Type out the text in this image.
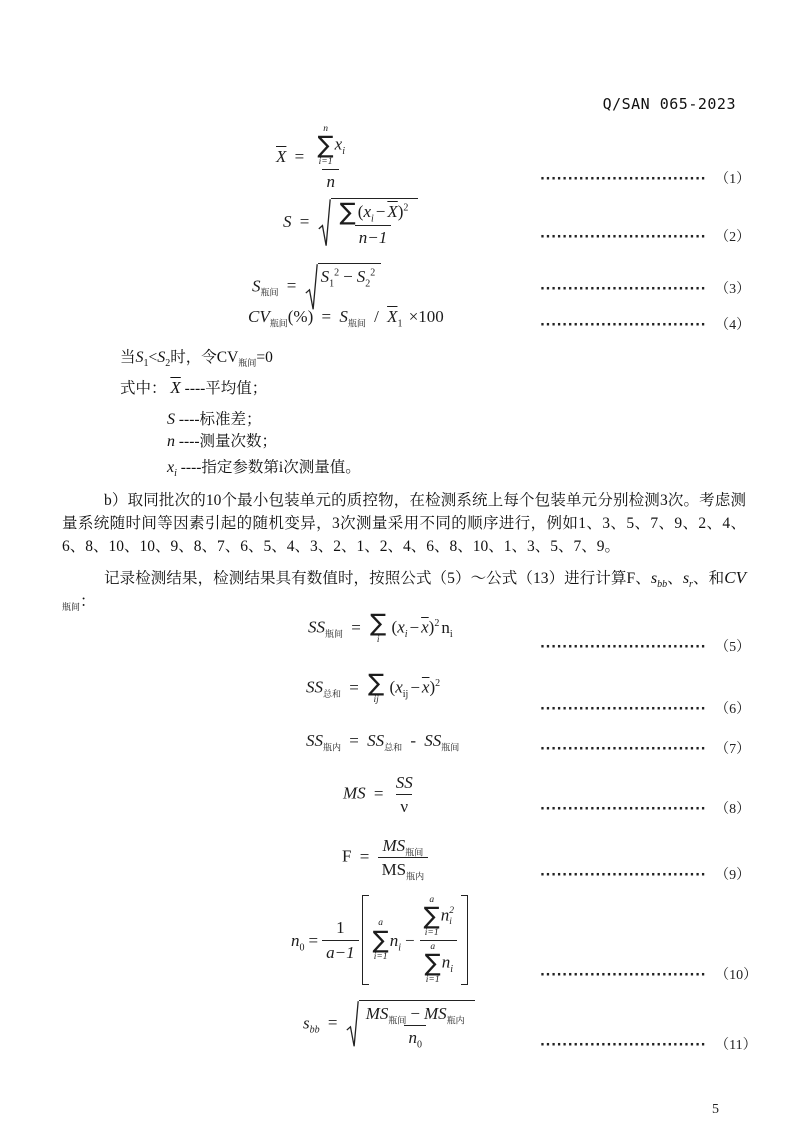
Q/SAN 065-2023
$\overline{X} = n$
∑
i=1
$x_i$
n	······························ （1）
$S = \frac{\sum (x_i - \overline{X})^2}{n-1}$	······························ （2）
$S_{瓶间} = S_1^2 - S_2^2$
······························ （3）
$CV_{瓶间}(\%) = S_{瓶间} / \overline{X}_1 \times 100$	······························ （4）
当$S_1<S_2$时，令$CV_{瓶间}=0$
式中： $\overline{X}$ ----平均值；
S ----标准差；
n ----测量次数；
$x_i$ ----指定参数第i次测量值。
b）取同批次的10个最小包装单元的质控物，在检测系统上每个包装单元分别检测3次。考虑测量系统随时间等因素引起的随机变异，3次测量采用不同的顺序进行，例如1、3、5、7、9、2、4、6、8、10、10、9、8、7、6、5、4、3、2、1、2、4、6、8、10、1、3、5、7、9。
记录检测结果，检测结果具有数值时，按照公式（5）～公式（13）进行计算F、$s_{bb}$、$s_r$、和$CV_{瓶间}$：
$SS_{瓶间}$ = ∑
i
$(x_i - \overline{x})^2$ $n_i$
······························ （5）
$SS_{总和}$ = ∑
ij
$(x_{ij} - \overline{x})^2$
······························ （6）
$SS_{瓶内} = SS_{总和} - SS_{瓶间}$	······························ （7）
MS = $\frac{SS}{\nu}$	······························ （8）
$F = \frac{MS_{瓶间}}{MS_{瓶内}}$	······························ （9）
$n_0 = \frac{1}{a-1}$ a
∑
i=1
$n_i - a$
∑
i=1
n 2
i
a
∑
i=1
$n_i$	······························ （10）
$s_{bb} = \frac{MS_{瓶间} - MS_{瓶内}}{n_0}$	······························ （11）
5
